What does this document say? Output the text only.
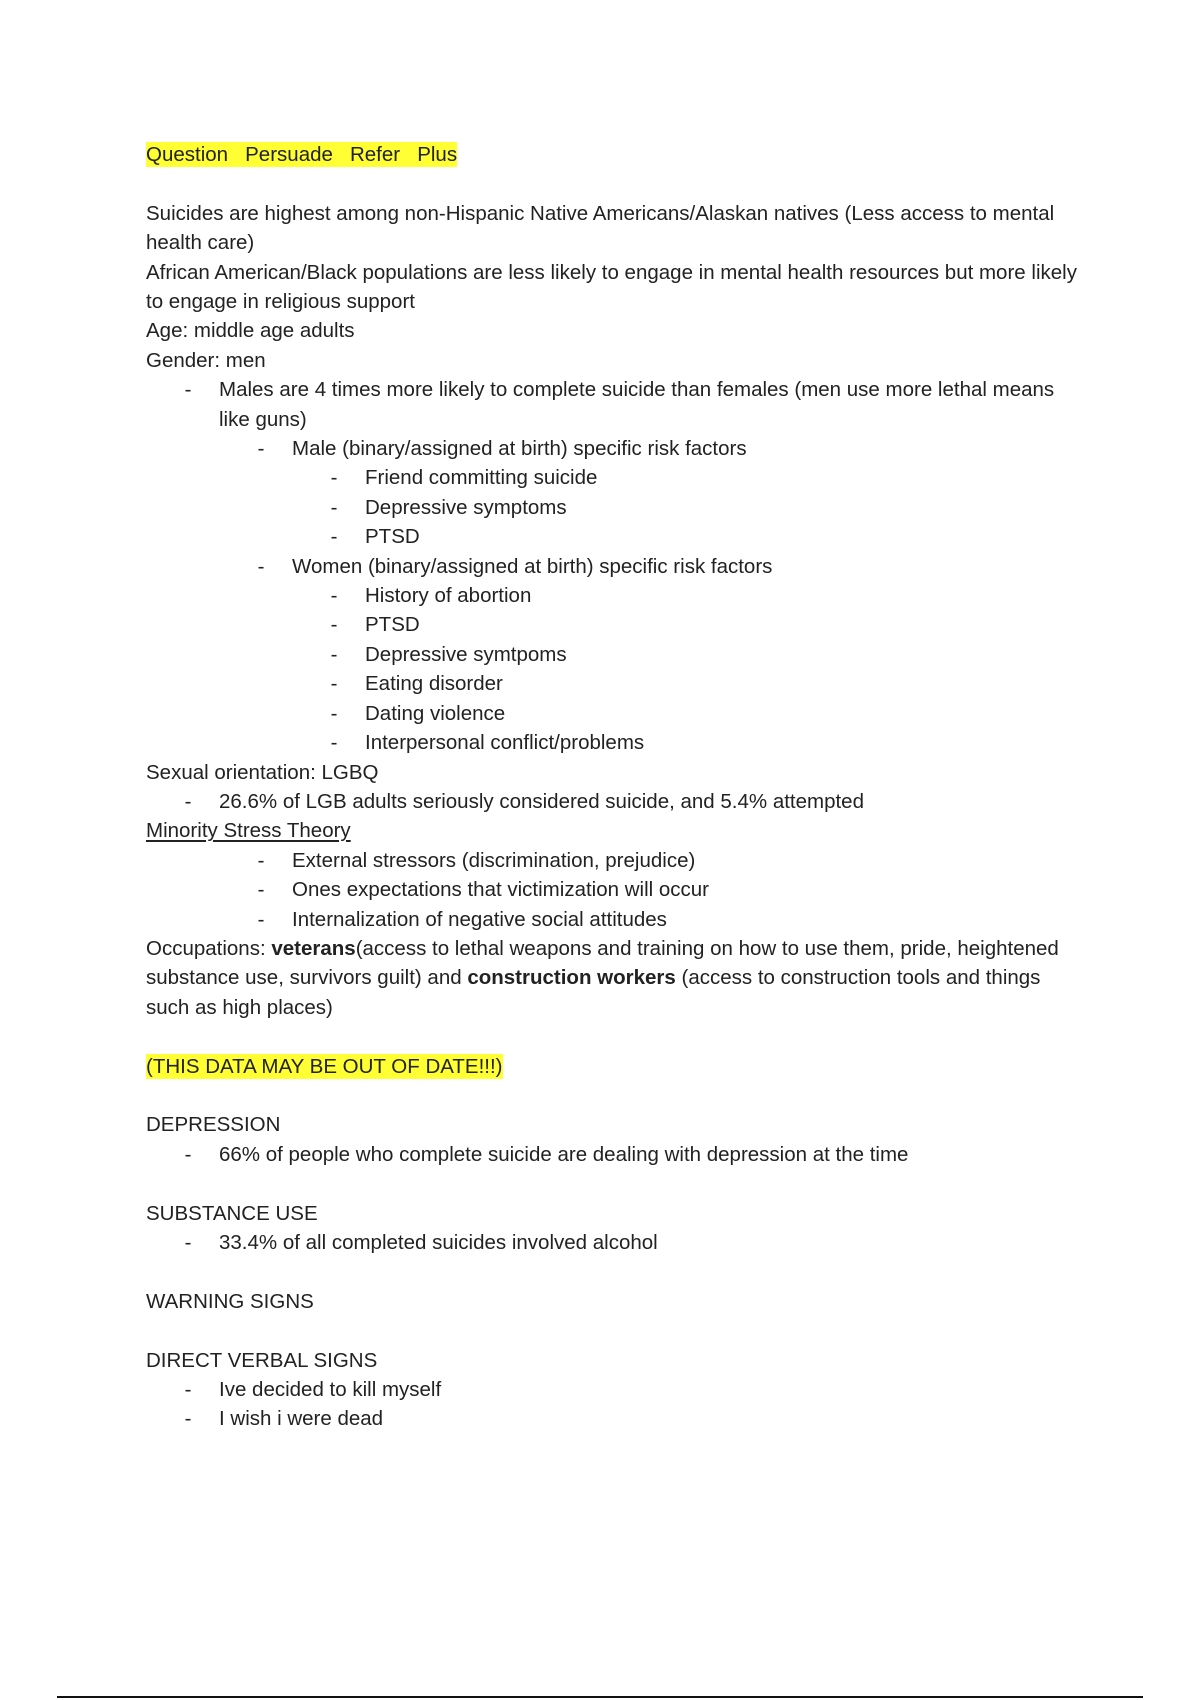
Question   Persuade   Refer   Plus
Suicides are highest among non-Hispanic Native Americans/Alaskan natives (Less access to mental health care)
African American/Black populations are less likely to engage in mental health resources but more likely to engage in religious support
Age: middle age adults
Gender: men
- Males are 4 times more likely to complete suicide than females (men use more lethal means like guns)
- Male (binary/assigned at birth) specific risk factors
- Friend committing suicide
- Depressive symptoms
- PTSD
- Women (binary/assigned at birth) specific risk factors
- History of abortion
- PTSD
- Depressive symtpoms
- Eating disorder
- Dating violence
- Interpersonal conflict/problems
Sexual orientation: LGBQ
- 26.6% of LGB adults seriously considered suicide, and 5.4% attempted
Minority Stress Theory
- External stressors (discrimination, prejudice)
- Ones expectations that victimization will occur
- Internalization of negative social attitudes
Occupations: veterans(access to lethal weapons and training on how to use them, pride, heightened substance use, survivors guilt) and construction workers (access to construction tools and things such as high places)
(THIS DATA MAY BE OUT OF DATE!!!)
DEPRESSION
- 66% of people who complete suicide are dealing with depression at the time
SUBSTANCE USE
- 33.4% of all completed suicides involved alcohol
WARNING SIGNS
DIRECT VERBAL SIGNS
- Ive decided to kill myself
- I wish i were dead
